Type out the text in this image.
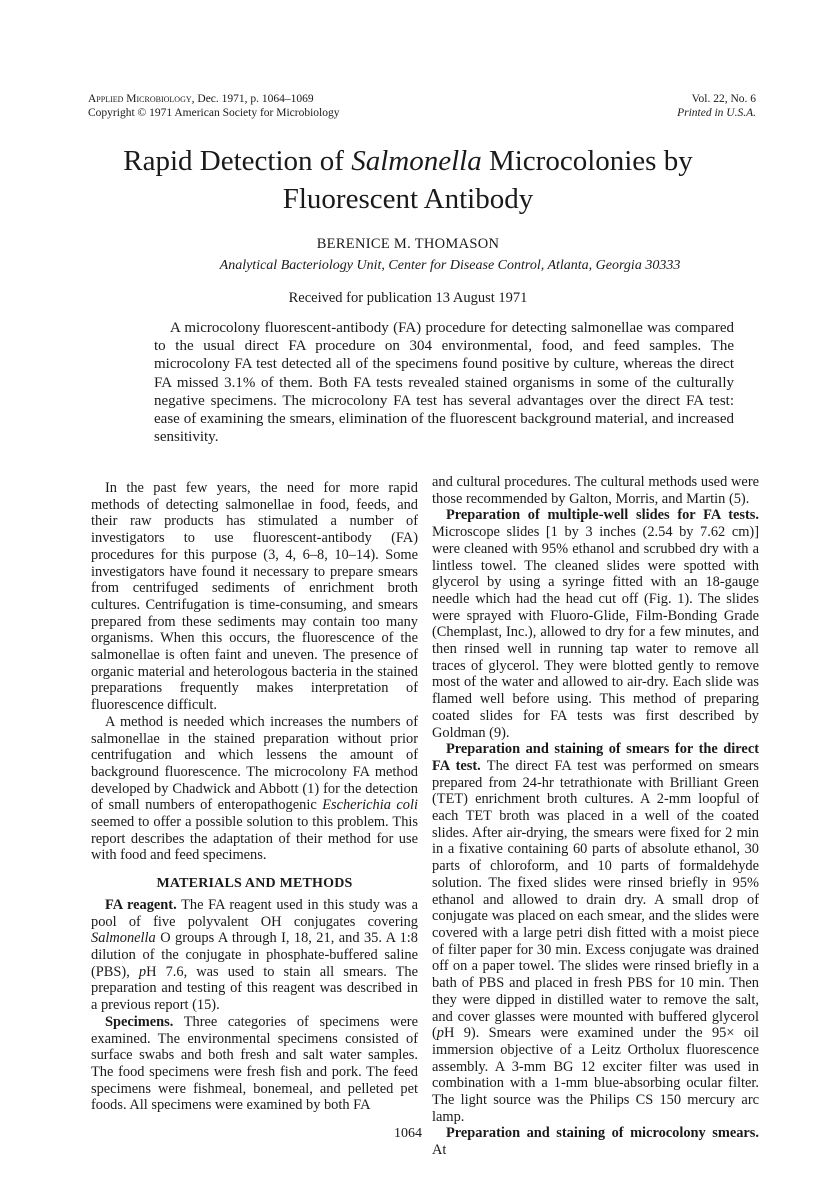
Applied Microbiology, Dec. 1971, p. 1064–1069
Copyright © 1971 American Society for Microbiology
Vol. 22, No. 6
Printed in U.S.A.
Rapid Detection of Salmonella Microcolonies by Fluorescent Antibody
BERENICE M. THOMASON
Analytical Bacteriology Unit, Center for Disease Control, Atlanta, Georgia 30333
Received for publication 13 August 1971

A microcolony fluorescent-antibody (FA) procedure for detecting salmonellae was compared to the usual direct FA procedure on 304 environmental, food, and feed samples. The microcolony FA test detected all of the specimens found positive by culture, whereas the direct FA missed 3.1% of them. Both FA tests revealed stained organisms in some of the culturally negative specimens. The microcolony FA test has several advantages over the direct FA test: ease of examining the smears, elimination of the fluorescent background material, and increased sensitivity.

In the past few years, the need for more rapid methods of detecting salmonellae in food, feeds, and their raw products has stimulated a number of investigators to use fluorescent-antibody (FA) procedures for this purpose (3, 4, 6–8, 10–14). Some investigators have found it necessary to prepare smears from centrifuged sediments of enrichment broth cultures. Centrifugation is time-consuming, and smears prepared from these sediments may contain too many organisms. When this occurs, the fluorescence of the salmonellae is often faint and uneven. The presence of organic material and heterologous bacteria in the stained preparations frequently makes interpretation of fluorescence difficult.

A method is needed which increases the numbers of salmonellae in the stained preparation without prior centrifugation and which lessens the amount of background fluorescence. The microcolony FA method developed by Chadwick and Abbott (1) for the detection of small numbers of enteropathogenic Escherichia coli seemed to offer a possible solution to this problem. This report describes the adaptation of their method for use with food and feed specimens.

MATERIALS AND METHODS

FA reagent. The FA reagent used in this study was a pool of five polyvalent OH conjugates covering Salmonella O groups A through I, 18, 21, and 35. A 1:8 dilution of the conjugate in phosphate-buffered saline (PBS), pH 7.6, was used to stain all smears. The preparation and testing of this reagent was described in a previous report (15).

Specimens. Three categories of specimens were examined. The environmental specimens consisted of surface swabs and both fresh and salt water samples. The food specimens were fresh fish and pork. The feed specimens were fishmeal, bonemeal, and pelleted pet foods. All specimens were examined by both FA

and cultural procedures. The cultural methods used were those recommended by Galton, Morris, and Martin (5).

Preparation of multiple-well slides for FA tests. Microscope slides [1 by 3 inches (2.54 by 7.62 cm)] were cleaned with 95% ethanol and scrubbed dry with a lintless towel. The cleaned slides were spotted with glycerol by using a syringe fitted with an 18-gauge needle which had the head cut off (Fig. 1). The slides were sprayed with Fluoro-Glide, Film-Bonding Grade (Chemplast, Inc.), allowed to dry for a few minutes, and then rinsed well in running tap water to remove all traces of glycerol. They were blotted gently to remove most of the water and allowed to air-dry. Each slide was flamed well before using. This method of preparing coated slides for FA tests was first described by Goldman (9).

Preparation and staining of smears for the direct FA test. The direct FA test was performed on smears prepared from 24-hr tetrathionate with Brilliant Green (TET) enrichment broth cultures. A 2-mm loopful of each TET broth was placed in a well of the coated slides. After air-drying, the smears were fixed for 2 min in a fixative containing 60 parts of absolute ethanol, 30 parts of chloroform, and 10 parts of formaldehyde solution. The fixed slides were rinsed briefly in 95% ethanol and allowed to drain dry. A small drop of conjugate was placed on each smear, and the slides were covered with a large petri dish fitted with a moist piece of filter paper for 30 min. Excess conjugate was drained off on a paper towel. The slides were rinsed briefly in a bath of PBS and placed in fresh PBS for 10 min. Then they were dipped in distilled water to remove the salt, and cover glasses were mounted with buffered glycerol (pH 9). Smears were examined under the 95× oil immersion objective of a Leitz Ortholux fluorescence assembly. A 3-mm BG 12 exciter filter was used in combination with a 1-mm blue-absorbing ocular filter. The light source was the Philips CS 150 mercury arc lamp.

Preparation and staining of microcolony smears. At

1064
